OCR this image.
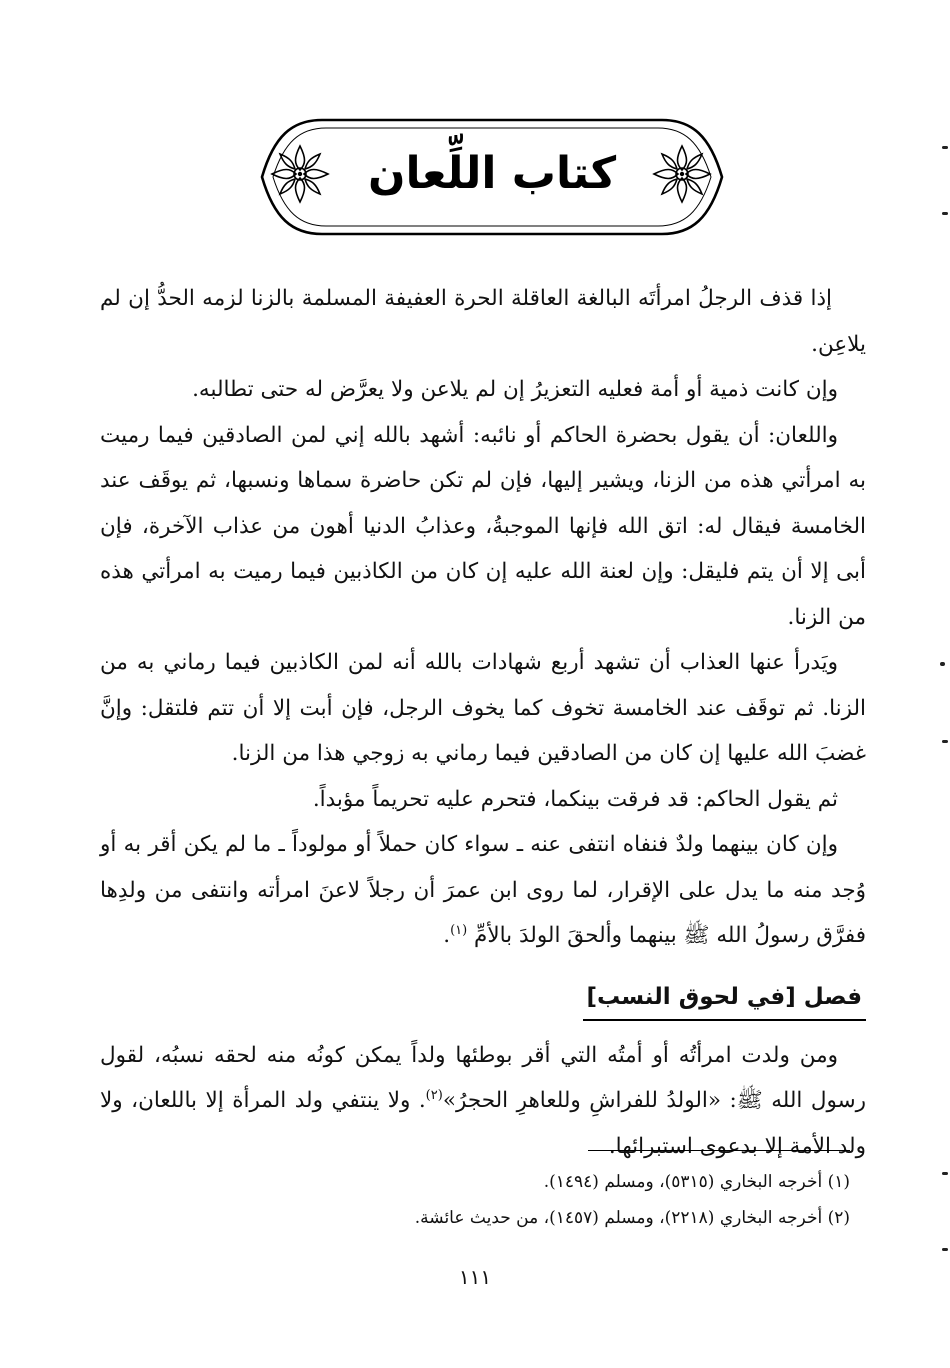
كتاب اللِّعان

إذا قذف الرجلُ امرأتَه البالغة العاقلة الحرة العفيفة المسلمة بالزنا لزمه الحدُّ إن لم يلاعِن.

وإن كانت ذمية أو أمة فعليه التعزيرُ إن لم يلاعن ولا يعرَّض له حتى تطالبه.

واللعان: أن يقول بحضرة الحاكم أو نائبه: أشهد بالله إني لمن الصادقين فيما رميت به امرأتي هذه من الزنا، ويشير إليها، فإن لم تكن حاضرة سماها ونسبها، ثم يوقَف عند الخامسة فيقال له: اتق الله فإنها الموجبةُ، وعذابُ الدنيا أهون من عذاب الآخرة، فإن أبى إلا أن يتم فليقل: وإن لعنة الله عليه إن كان من الكاذبين فيما رميت به امرأتي هذه من الزنا.

ويَدرأ عنها العذاب أن تشهد أربع شهادات بالله أنه لمن الكاذبين فيما رماني به من الزنا. ثم توقَف عند الخامسة تخوف كما يخوف الرجل، فإن أبت إلا أن تتم فلتقل: وإنَّ غضبَ الله عليها إن كان من الصادقين فيما رماني به زوجي هذا من الزنا.

ثم يقول الحاكم: قد فرقت بينكما، فتحرم عليه تحريماً مؤبداً.

وإن كان بينهما ولدٌ فنفاه انتفى عنه ـ سواء كان حملاً أو مولوداً ـ ما لم يكن أقر به أو وُجد منه ما يدل على الإقرار، لما روى ابن عمرَ أن رجلاً لاعنَ امرأته وانتفى من ولدِها ففرَّق رسولُ الله ﷺ بينهما وألحقَ الولدَ بالأمِّ $^{(١)}$.

فصل [في لحوق النسب]

ومن ولدت امرأتُه أو أمتُه التي أقر بوطئها ولداً يمكن كونُه منه لحقه نسبُه، لقول رسول الله ﷺ: «الولدُ للفراشِ وللعاهرِ الحجرُ»$^{(٢)}$. ولا ينتفي ولد المرأة إلا باللعان، ولا ولد الأمة إلا بدعوى استبرائها.

(١) أخرجه البخاري (٥٣١٥)، ومسلم (١٤٩٤).

(٢) أخرجه البخاري (٢٢١٨)، ومسلم (١٤٥٧)، من حديث عائشة.

١١١
